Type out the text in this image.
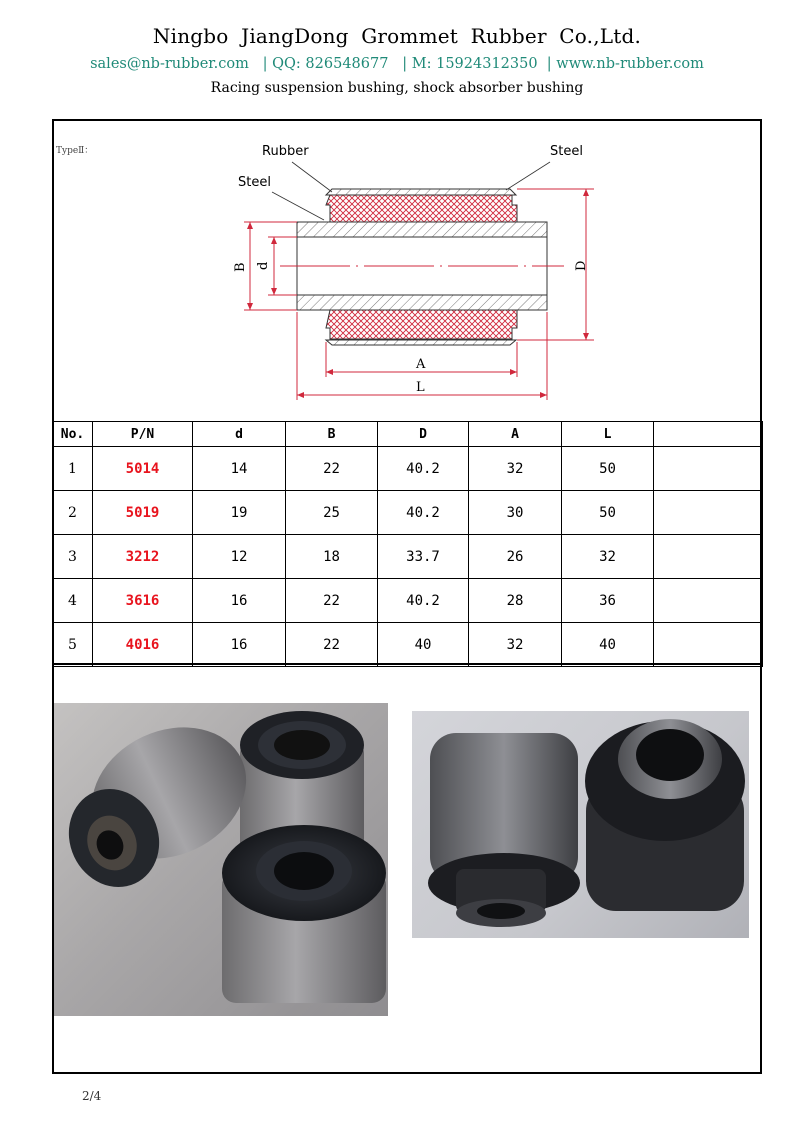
Ningbo JiangDong Grommet Rubber Co.,Ltd.
sales@nb-rubber.com   | QQ: 826548677   | M: 15924312350  | www.nb-rubber.com
Racing suspension bushing, shock absorber bushing
TypeⅡ：	Rubber	Steel
Steel
B d	D
A
L
No.	P/N	d	B	D	A	L	
1	5014	14	22	40.2	32	50	
2	5019	19	25	40.2	30	50	
3	3212	12	18	33.7	26	32	
4	3616	16	22	40.2	28	36	
5	4016	16	22	40	32	40	
2/4
